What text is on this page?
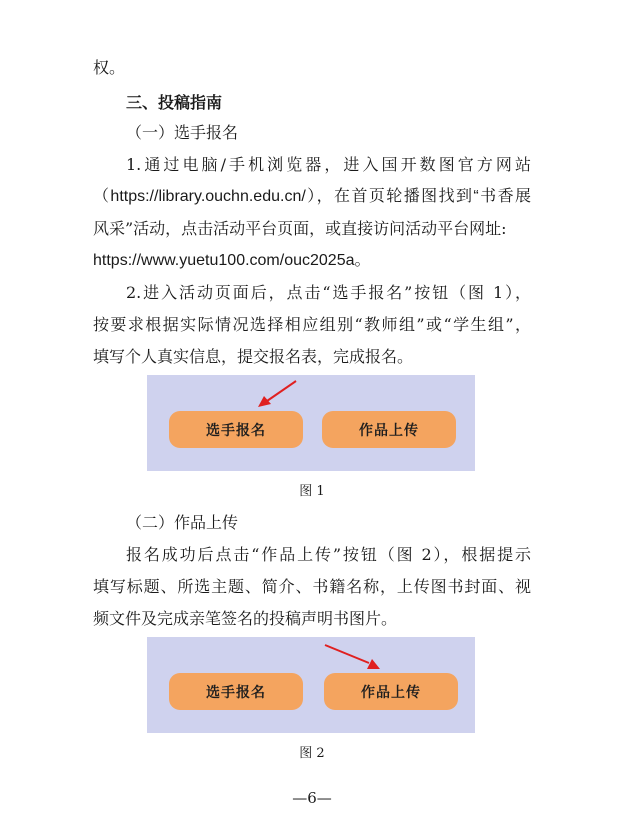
权。
三、投稿指南
（一）选手报名
1.通过电脑/手机浏览器，进入国开数图官方网站
（https://library.ouchn.edu.cn/），在首页轮播图找到“书香展
风采”活动，点击活动平台页面，或直接访问活动平台网址:
https://www.yuetu100.com/ouc2025a。
2.进入活动页面后，点击“选手报名”按钮（图 1），
按要求根据实际情况选择相应组别“教师组”或“学生组”，
填写个人真实信息，提交报名表，完成报名。
选手报名	作品上传
图 1
（二）作品上传
报名成功后点击“作品上传”按钮（图 2），根据提示
填写标题、所选主题、简介、书籍名称，上传图书封面、视
频文件及完成亲笔签名的投稿声明书图片。
选手报名	作品上传
图 2
—6—
